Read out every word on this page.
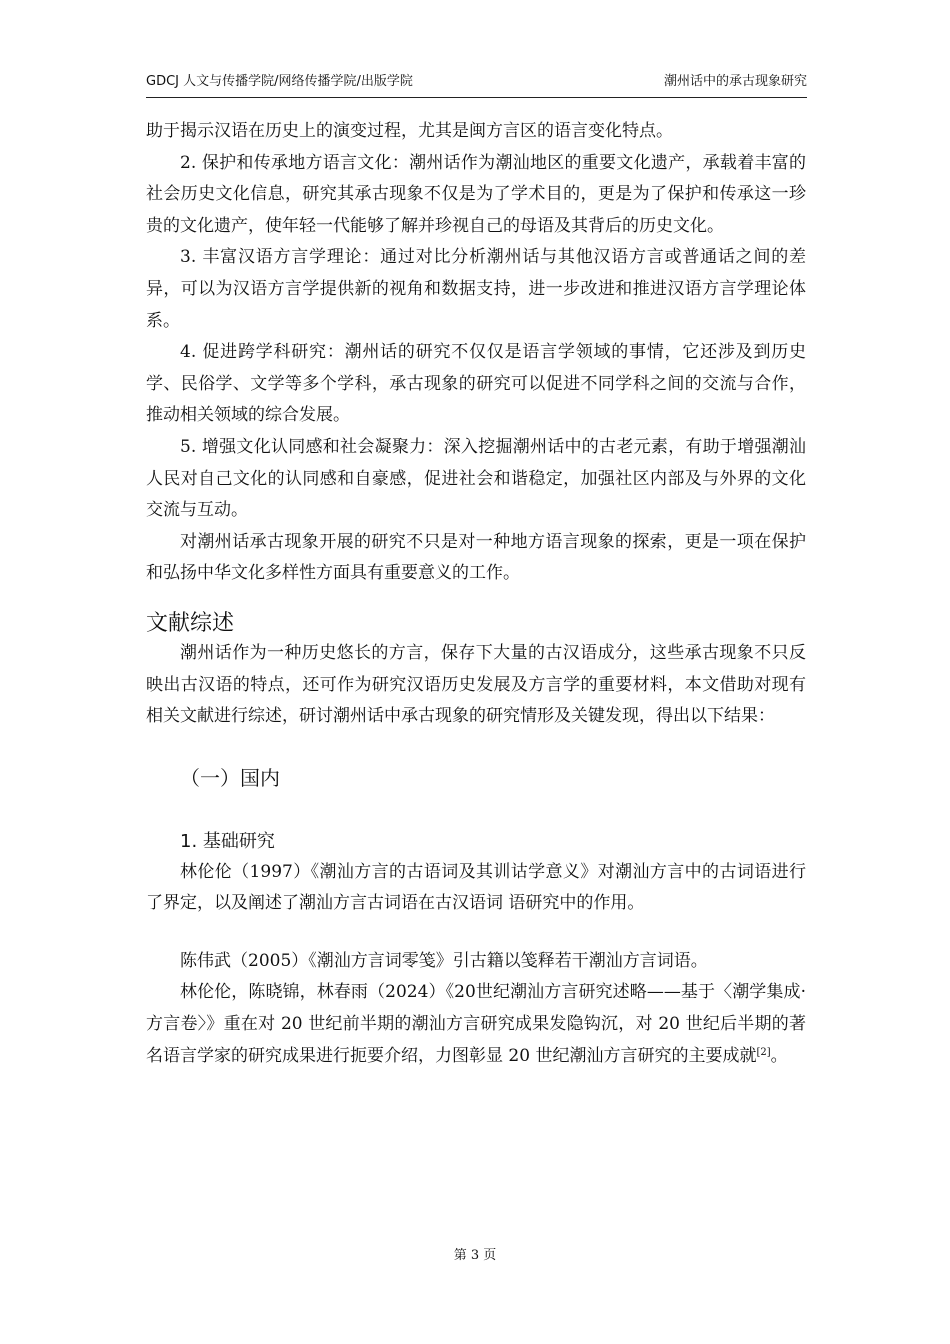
GDCJ 人文与传播学院/网络传播学院/出版学院	潮州话中的承古现象研究

助于揭示汉语在历史上的演变过程，尤其是闽方言区的语言变化特点。

2. 保护和传承地方语言文化：潮州话作为潮汕地区的重要文化遗产，承载着丰富的社会历史文化信息，研究其承古现象不仅是为了学术目的，更是为了保护和传承这一珍贵的文化遗产，使年轻一代能够了解并珍视自己的母语及其背后的历史文化。

3. 丰富汉语方言学理论：通过对比分析潮州话与其他汉语方言或普通话之间的差异，可以为汉语方言学提供新的视角和数据支持，进一步改进和推进汉语方言学理论体系。

4. 促进跨学科研究：潮州话的研究不仅仅是语言学领域的事情，它还涉及到历史学、民俗学、文学等多个学科，承古现象的研究可以促进不同学科之间的交流与合作，推动相关领域的综合发展。

5. 增强文化认同感和社会凝聚力：深入挖掘潮州话中的古老元素，有助于增强潮汕人民对自己文化的认同感和自豪感，促进社会和谐稳定，加强社区内部及与外界的文化交流与互动。

对潮州话承古现象开展的研究不只是对一种地方语言现象的探索，更是一项在保护和弘扬中华文化多样性方面具有重要意义的工作。

文献综述

潮州话作为一种历史悠长的方言，保存下大量的古汉语成分，这些承古现象不只反映出古汉语的特点，还可作为研究汉语历史发展及方言学的重要材料，本文借助对现有相关文献进行综述，研讨潮州话中承古现象的研究情形及关键发现，得出以下结果：

（一）国内
1. 基础研究

林伦伦（1997）《潮汕方言的古语词及其训诂学意义》对潮汕方言中的古词语进行了界定，以及阐述了潮汕方言古词语在古汉语词 语研究中的作用。

陈伟武（2005）《潮汕方言词零笺》引古籍以笺释若干潮汕方言词语。

林伦伦，陈晓锦，林春雨（2024）《20世纪潮汕方言研究述略——基于〈潮学集成·方言卷〉》重在对 20 世纪前半期的潮汕方言研究成果发隐钩沉，对 20 世纪后半期的著名语言学家的研究成果进行扼要介绍，力图彰显 20 世纪潮汕方言研究的主要成就[2]。

第 3 页
